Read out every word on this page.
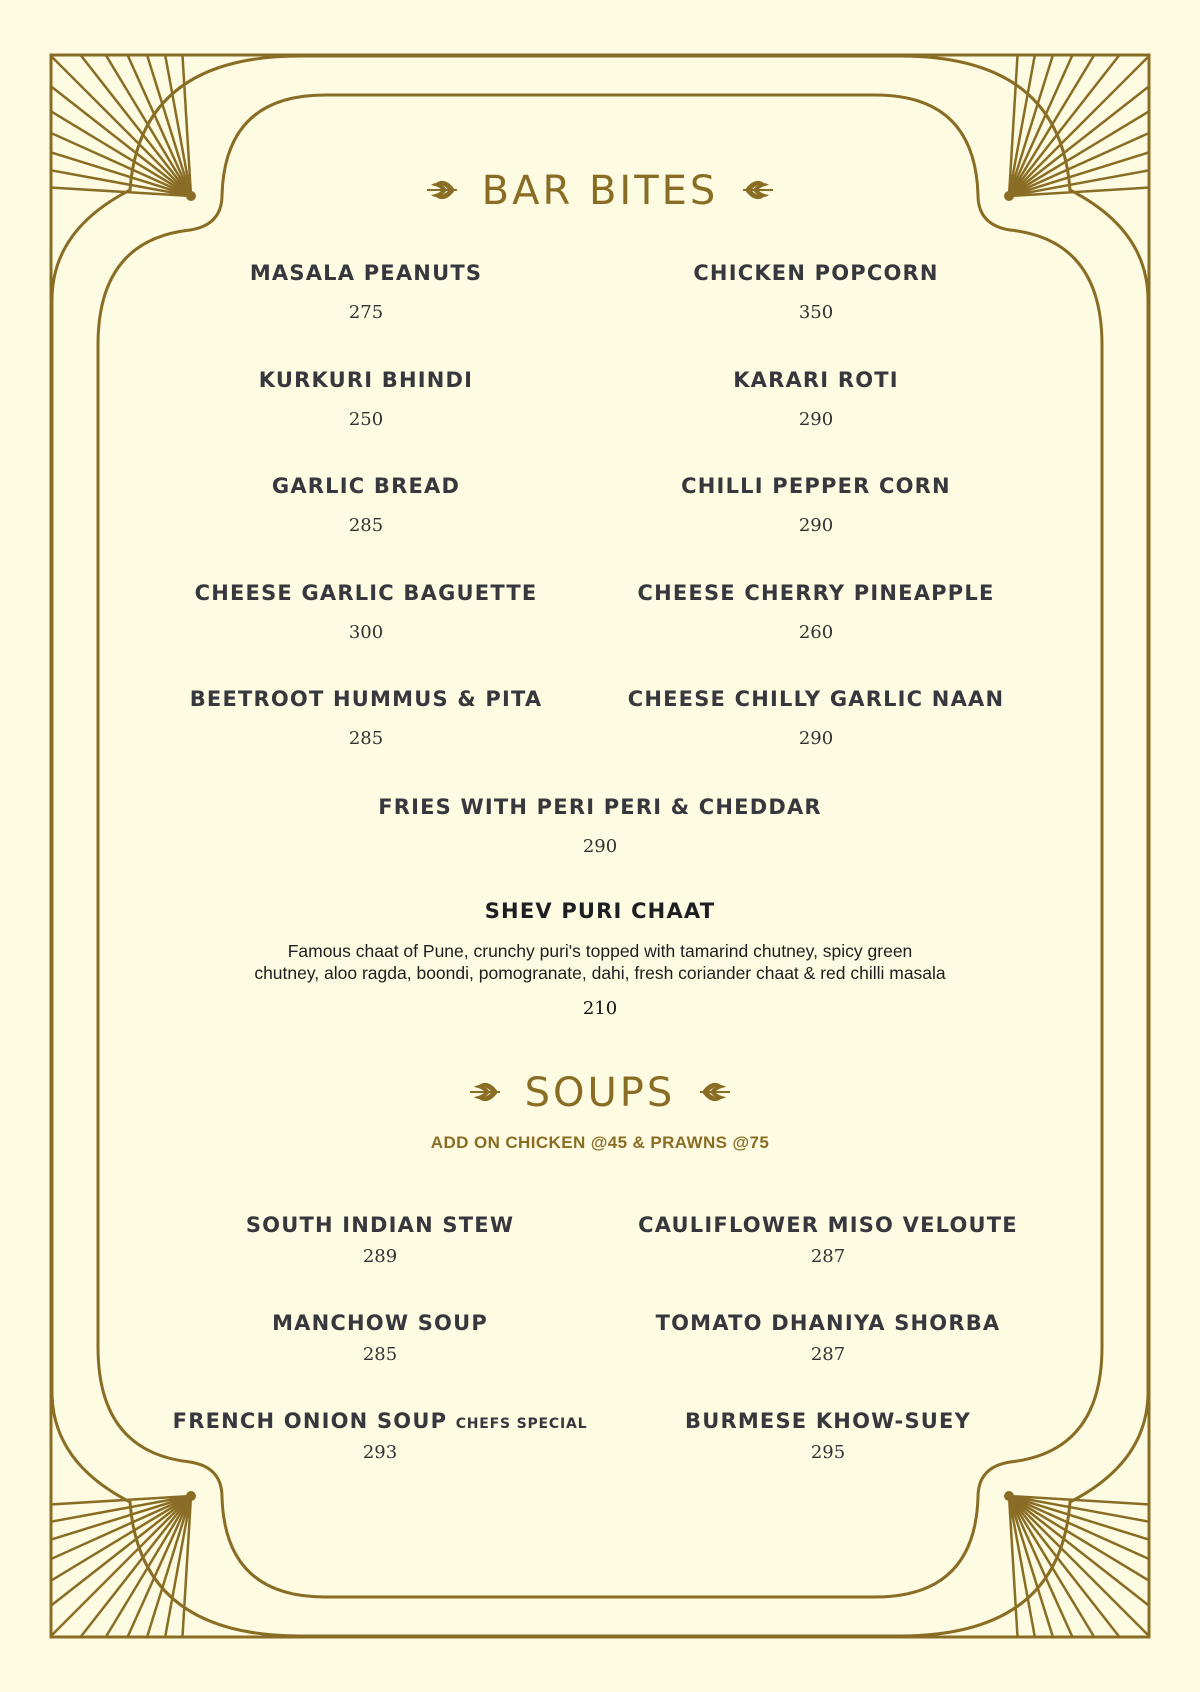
BAR BITES
MASALA PEANUTS
275
CHICKEN POPCORN
350
KURKURI BHINDI
250
KARARI ROTI
290
GARLIC BREAD
285
CHILLI PEPPER CORN
290
CHEESE GARLIC BAGUETTE
300
CHEESE CHERRY PINEAPPLE
260
BEETROOT HUMMUS & PITA
285
CHEESE CHILLY GARLIC NAAN
290
FRIES WITH PERI PERI & CHEDDAR
290
SHEV PURI CHAAT
Famous chaat of Pune, crunchy puri's topped with tamarind chutney, spicy green
chutney, aloo ragda, boondi, pomogranate, dahi, fresh coriander chaat & red chilli masala
210
SOUPS
ADD ON CHICKEN @45 & PRAWNS @75
SOUTH INDIAN STEW
289
CAULIFLOWER MISO VELOUTE
287
MANCHOW SOUP
285
TOMATO DHANIYA SHORBA
287
FRENCH ONION SOUP CHEFS SPECIAL
293
BURMESE KHOW-SUEY
295
